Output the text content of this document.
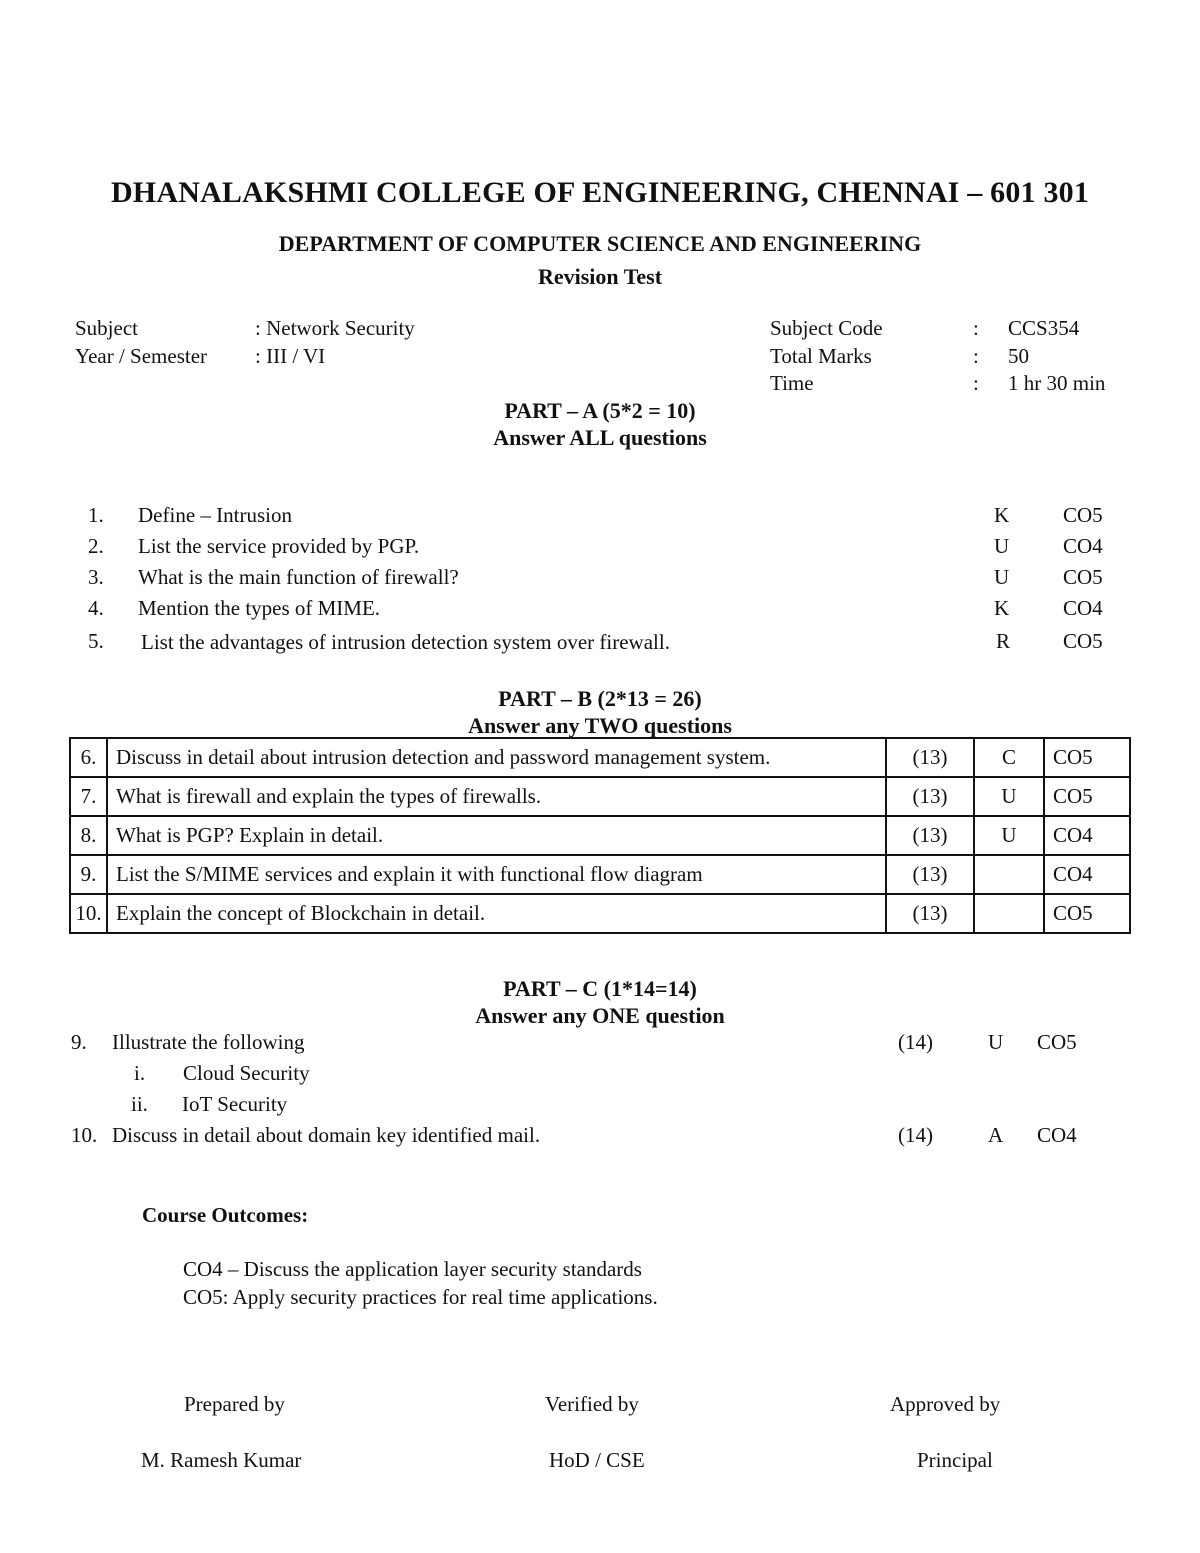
DHANALAKSHMI COLLEGE OF ENGINEERING, CHENNAI – 601 301
DEPARTMENT OF COMPUTER SCIENCE AND ENGINEERING
Revision Test
Subject	: Network Security
Year / Semester : III / VI
Subject Code	: CCS354
Total Marks	: 50
Time	: 1 hr 30 min
PART – A (5*2 = 10)
Answer ALL questions
1. Define – Intrusion	K	CO5
2. List the service provided by PGP.	U	CO4
3. What is the main function of firewall?	U	CO5
4. Mention the types of MIME.	K	CO4
5. List the advantages of intrusion detection system over firewall.	R	CO5
PART – B (2*13 = 26)
Answer any TWO questions
6.	Discuss in detail about intrusion detection and password management system.	(13)	C	CO5
7.	What is firewall and explain the types of firewalls.	(13)	U	CO5
8.	What is PGP? Explain in detail.	(13)	U	CO4
9.	List the S/MIME services and explain it with functional flow diagram	(13)		CO4
10.	Explain the concept of Blockchain in detail.	(13)		CO5
PART – C (1*14=14)
Answer any ONE question
9. Illustrate the following	(14)	U CO5
i. Cloud Security
ii. IoT Security
10. Discuss in detail about domain key identified mail.	(14)	A CO4
Course Outcomes:
CO4 – Discuss the application layer security standards
CO5: Apply security practices for real time applications.
Prepared by	Verified by	Approved by
M. Ramesh Kumar	HoD / CSE	Principal
